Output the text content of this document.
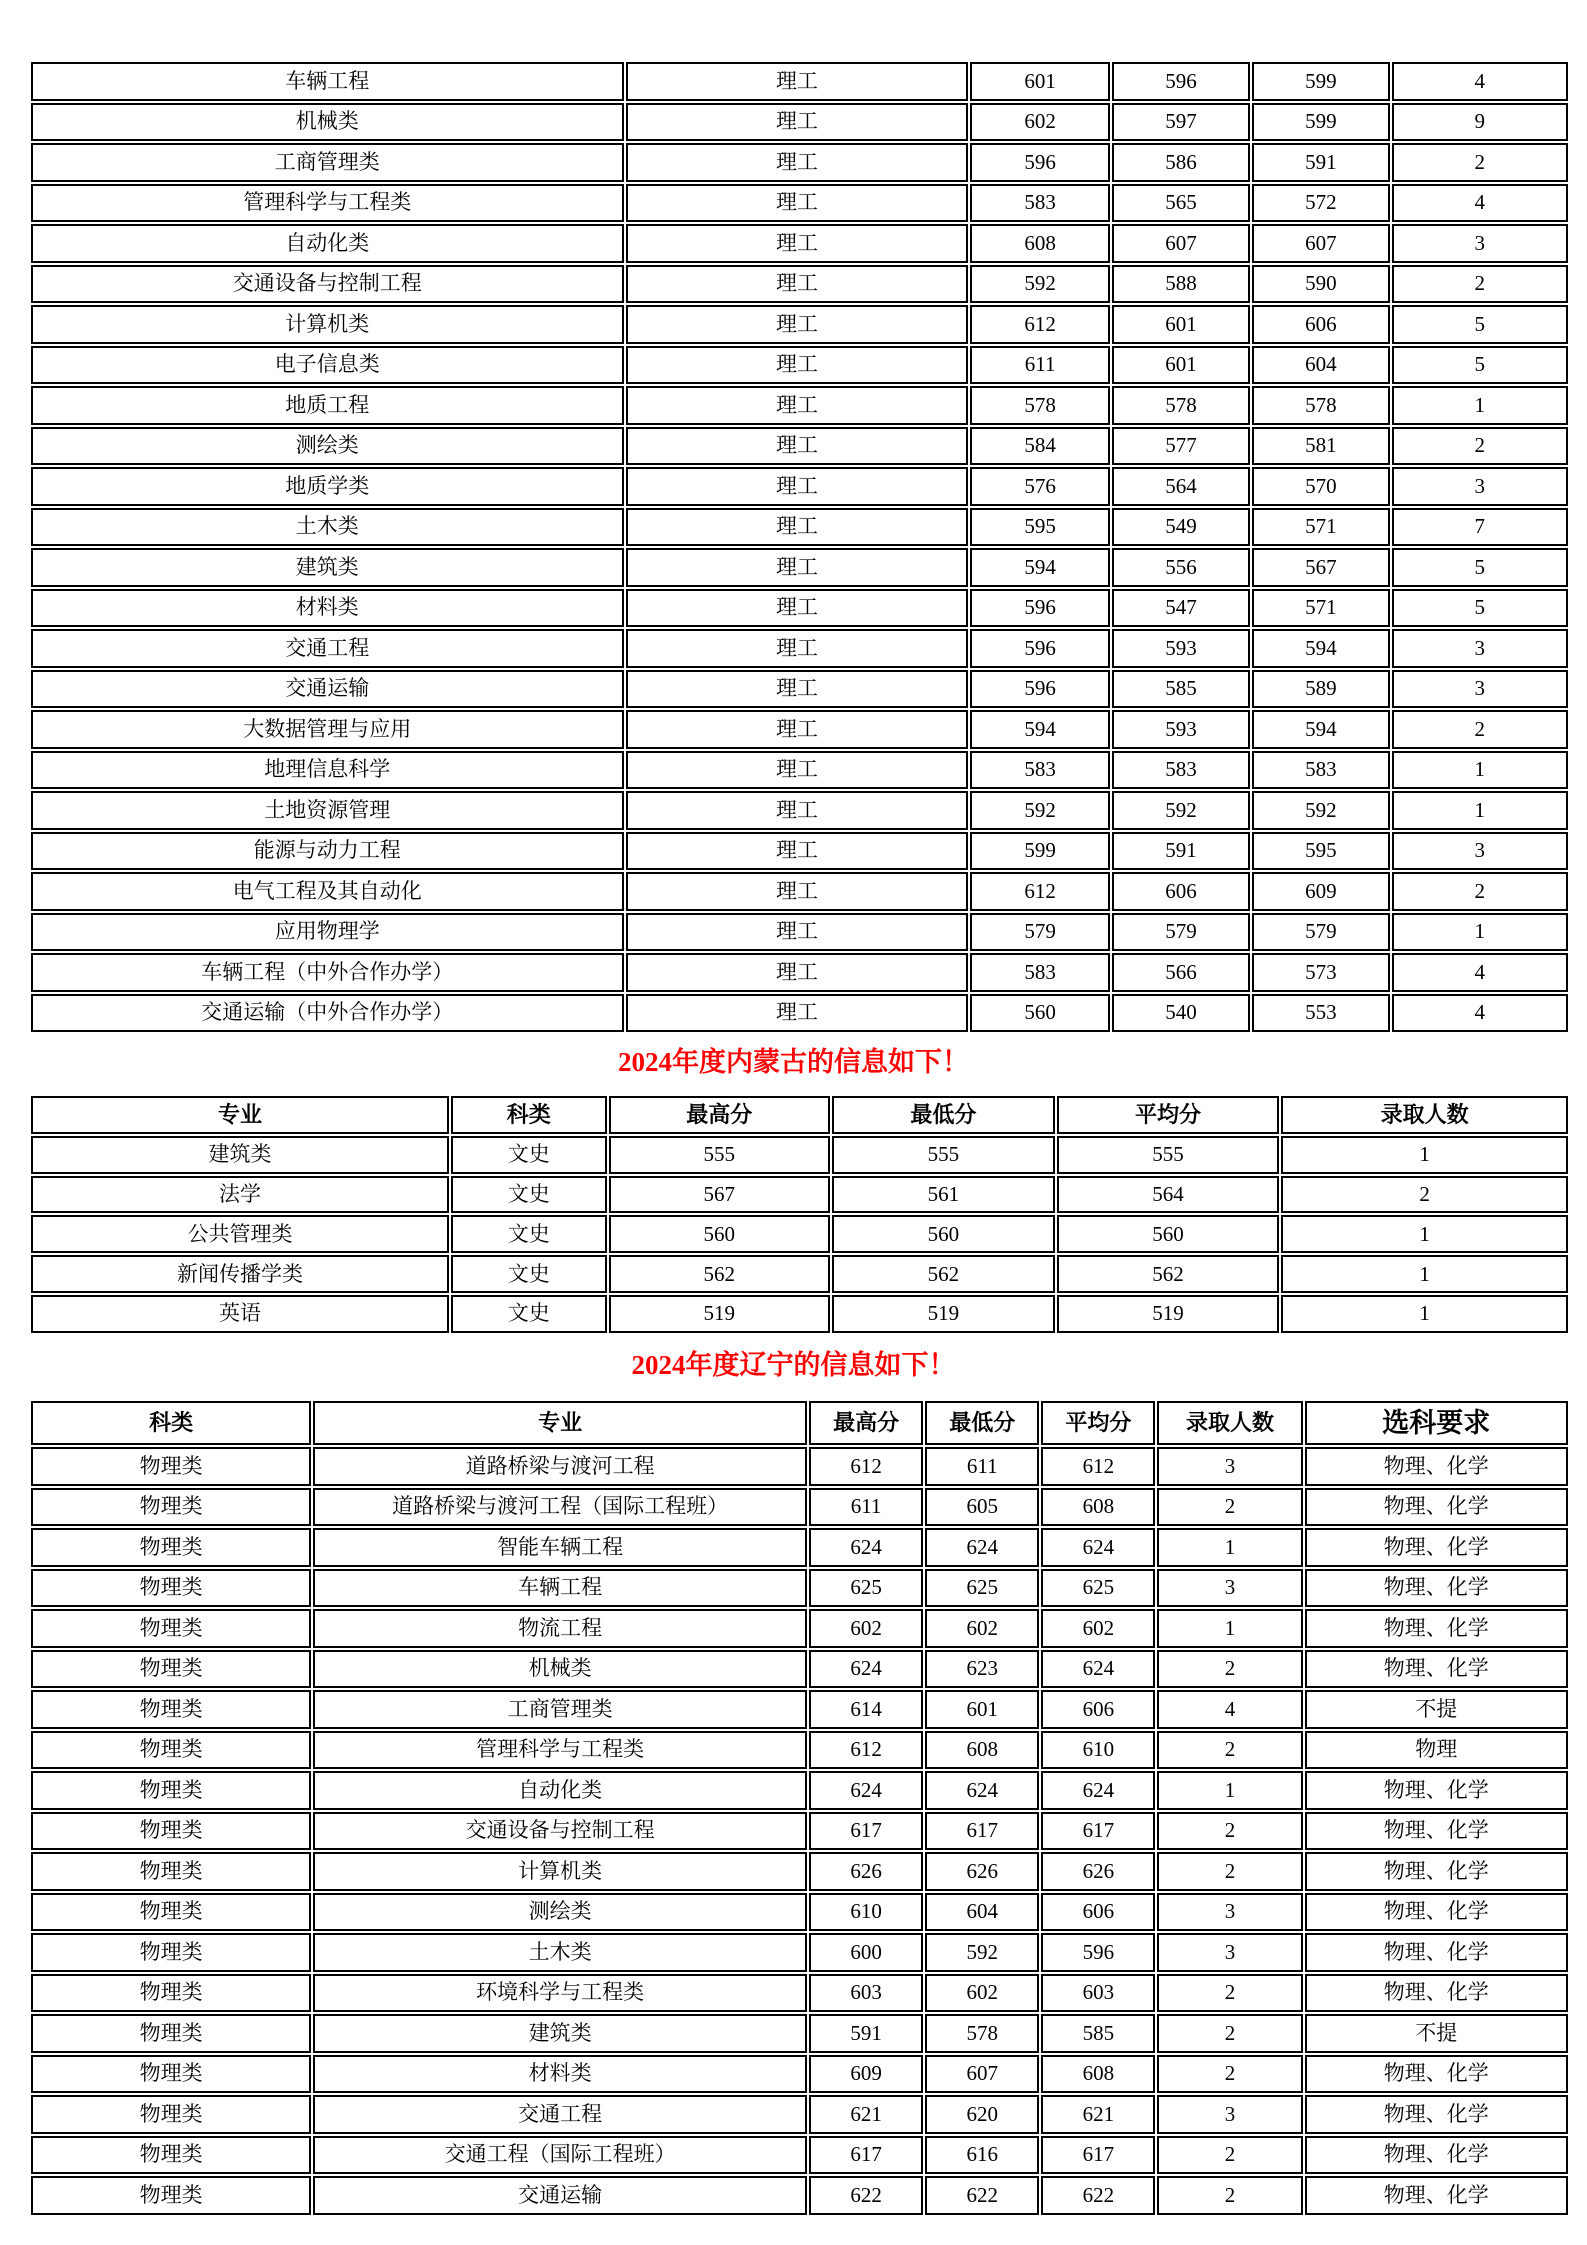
车辆工程	理工	601	596	599	4
机械类	理工	602	597	599	9
工商管理类	理工	596	586	591	2
管理科学与工程类	理工	583	565	572	4
自动化类	理工	608	607	607	3
交通设备与控制工程	理工	592	588	590	2
计算机类	理工	612	601	606	5
电子信息类	理工	611	601	604	5
地质工程	理工	578	578	578	1
测绘类	理工	584	577	581	2
地质学类	理工	576	564	570	3
土木类	理工	595	549	571	7
建筑类	理工	594	556	567	5
材料类	理工	596	547	571	5
交通工程	理工	596	593	594	3
交通运输	理工	596	585	589	3
大数据管理与应用	理工	594	593	594	2
地理信息科学	理工	583	583	583	1
土地资源管理	理工	592	592	592	1
能源与动力工程	理工	599	591	595	3
电气工程及其自动化	理工	612	606	609	2
应用物理学	理工	579	579	579	1
车辆工程（中外合作办学）	理工	583	566	573	4
交通运输（中外合作办学）	理工	560	540	553	4
2024年度内蒙古的信息如下！
专业	科类	最高分	最低分	平均分	录取人数
建筑类	文史	555	555	555	1
法学	文史	567	561	564	2
公共管理类	文史	560	560	560	1
新闻传播学类	文史	562	562	562	1
英语	文史	519	519	519	1
2024年度辽宁的信息如下！
科类	专业	最高分	最低分	平均分	录取人数	选科要求
物理类	道路桥梁与渡河工程	612	611	612	3	物理、化学
物理类	道路桥梁与渡河工程（国际工程班）	611	605	608	2	物理、化学
物理类	智能车辆工程	624	624	624	1	物理、化学
物理类	车辆工程	625	625	625	3	物理、化学
物理类	物流工程	602	602	602	1	物理、化学
物理类	机械类	624	623	624	2	物理、化学
物理类	工商管理类	614	601	606	4	不提
物理类	管理科学与工程类	612	608	610	2	物理
物理类	自动化类	624	624	624	1	物理、化学
物理类	交通设备与控制工程	617	617	617	2	物理、化学
物理类	计算机类	626	626	626	2	物理、化学
物理类	测绘类	610	604	606	3	物理、化学
物理类	土木类	600	592	596	3	物理、化学
物理类	环境科学与工程类	603	602	603	2	物理、化学
物理类	建筑类	591	578	585	2	不提
物理类	材料类	609	607	608	2	物理、化学
物理类	交通工程	621	620	621	3	物理、化学
物理类	交通工程（国际工程班）	617	616	617	2	物理、化学
物理类	交通运输	622	622	622	2	物理、化学
